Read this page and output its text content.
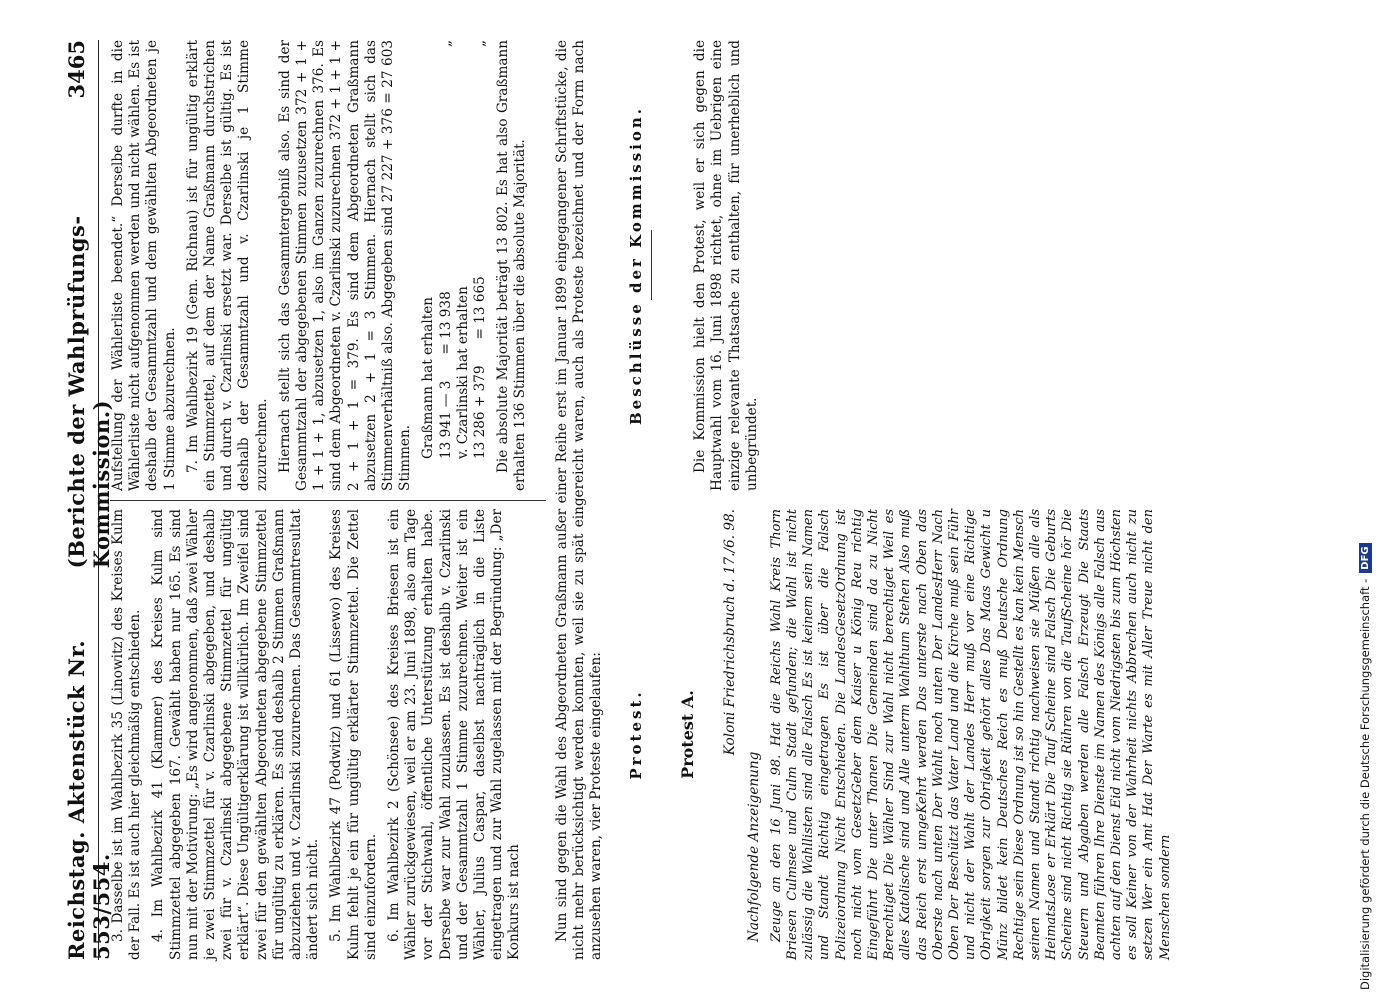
Reichstag. Aktenstück Nr. 553/554.
(Berichte der Wahlprüfungs-Kommission.)
3465

3. Dasselbe ist im Wahlbezirk 35 (Linowitz) des Kreises Kulm der Fall. Es ist auch hier gleichmäßig entschieden. 4. Im Wahlbezirk 41 (Klammer) des Kreises Kulm sind Stimmzettel abgegeben 167. Gewählt haben nur 165. Es sind nun mit der Motivirung: „Es wird angenommen, daß zwei Wähler je zwei Stimmzettel für v. Czarlinski abgegeben, und deshalb zwei für v. Czarlinski abgegebene Stimmzettel für ungültig erklärt“. Diese Ungültigerklärung ist willkürlich. Im Zweifel sind zwei für den gewählten Abgeordneten abgegebene Stimmzettel für ungültig zu erklären. Es sind deshalb 2 Stimmen Graßmann abzuziehen und v. Czarlinski zuzurechnen. Das Gesammtresultat ändert sich nicht. 5. Im Wahlbezirk 47 (Podwitz) und 61 (Lissewo) des Kreises Kulm fehlt je ein für ungültig erklärter Stimmzettel. Die Zettel sind einzufordern. 6. Im Wahlbezirk 2 (Schönsee) des Kreises Briesen ist ein Wähler zurückgewiesen, weil er am 23. Juni 1898, also am Tage vor der Stichwahl, öffentliche Unterstützung erhalten habe. Derselbe war zur Wahl zuzulassen. Es ist deshalb v. Czarlinski und der Gesammtzahl 1 Stimme zuzurechnen. Weiter ist ein Wähler, Julius Caspar, daselbst nachträglich in die Liste eingetragen und zur Wahl zugelassen mit der Begründung: „Der Konkurs ist nach

Aufstellung der Wählerliste beendet.“ Derselbe durfte in die Wählerliste nicht aufgenommen werden und nicht wählen. Es ist deshalb der Gesammtzahl und dem gewählten Abgeordneten je 1 Stimme abzurechnen. 7. Im Wahlbezirk 19 (Gem. Richnau) ist für ungültig erklärt ein Stimmzettel, auf dem der Name Graßmann durchstrichen und durch v. Czarlinski ersetzt war. Derselbe ist gültig. Es ist deshalb der Gesammtzahl und v. Czarlinski je 1 Stimme zuzurechnen. Hiernach stellt sich das Gesammtergebniß also. Es sind der Gesammtzahl der abgegebenen Stimmen zuzusetzen 372 + 1 + 1 + 1 + 1, abzusetzen 1, also im Ganzen zuzurechnen 376. Es sind dem Abgeordneten v. Czarlinski zuzurechnen 372 + 1 + 1 + 2 + 1 + 1 = 379. Es sind dem Abgeordneten Graßmann abzusetzen 2 + 1 = 3 Stimmen. Hiernach stellt sich das Stimmenverhältniß also. Abgegeben sind 27 227 + 376 = 27 603 Stimmen. Graßmann hat erhalten 13 941 — 3
= 13 938
„
v. Czarlinski hat erhalten 13 286 + 379
= 13 665
„ Die absolute Majorität beträgt 13 802. Es hat also Graßmann erhalten 136 Stimmen über die absolute Majorität. Nun sind gegen die Wahl des Abgeordneten Graßmann außer einer Reihe erst im Januar 1899 eingegangener Schriftstücke, die nicht mehr berücksichtigt werden konnten, weil sie zu spät eingereicht waren, auch als Proteste bezeichnet und der Form nach anzusehen waren, vier Proteste eingelaufen: Protest. Protest A. Koloni Friedrichsbruch d. 17./6. 98.

Nachfolgende Anzeigenung Zeuge an den 16 Juni 98. Hat die Reichs Wahl Kreis Thorn Briesen Culmsee und Culm Stadt gefunden; die Wahl ist nicht zulässig die Wahllisten sind alle Falsch Es ist keinem sein Namen und Standt Richtig eingetragen Es ist über die Falsch Polizeiordnung Nicht Entschieden. Die LandesGesetzOrdnung ist noch nicht vom GesetzGeber dem Kaiser u König Reu richtig Eingeführt Die unter Thanen Die Gemeinden sind da zu Nicht Berechtiget Die Wähler Sind zur Wahl nicht berechtiget Weil es alles Katolische sind und Alle unterm Wahlthum Stehen Also muß das Reich erst umgeKehrt werden Das unterste nach Oben das Oberste nach unten Der Wahlt noch unten Der LandesHerr Nach Oben Der Beschützt das Vater Land und die Kirche muß sein Führ und nicht der Wahlt der Landes Herr muß vor eine Richtige Obrigkeit sorgen zur Obrigkeit gehört alles Das Maas Gewicht u Münz bildet kein Deutsches Reich es muß Deutsche Ordnung Rechtige sein Diese Ordnung ist so hin Gestellt es kan kein Mensch seinen Namen und Standt richtig nachweisen sie Müßen alle als HeimatsLose er Erklärt Die Tauf Scheine sind Falsch Die Geburts Scheine sind nicht Richtig sie Rühren von die TaufScheine hör Die Steuern und Abgaben werden alle Falsch Erzeugt Die Staats Beamten führen Ihre Dienste im Namen des Königs alle Falsch aus achten auf den Dienst Eid nicht vom Niedrigsten bis zum Höchsten es soll Keiner von der Wahrheit nichts Abbrechen auch nicht zu setzen Wer ein Amt Hat Der Warte es mit Aller Treue nicht den Menschen sondern

Beschlüsse der Kommission.	Die Kommission hielt den Protest, weil er sich gegen die Hauptwahl vom 16. Juni 1898 richtet, ohne im Uebrigen eine einzige relevante Thatsache zu enthalten, für unerheblich und unbegründet.

Digitalisierung gefördert durch die Deutsche Forschungsgemeinschaft -
DFG
